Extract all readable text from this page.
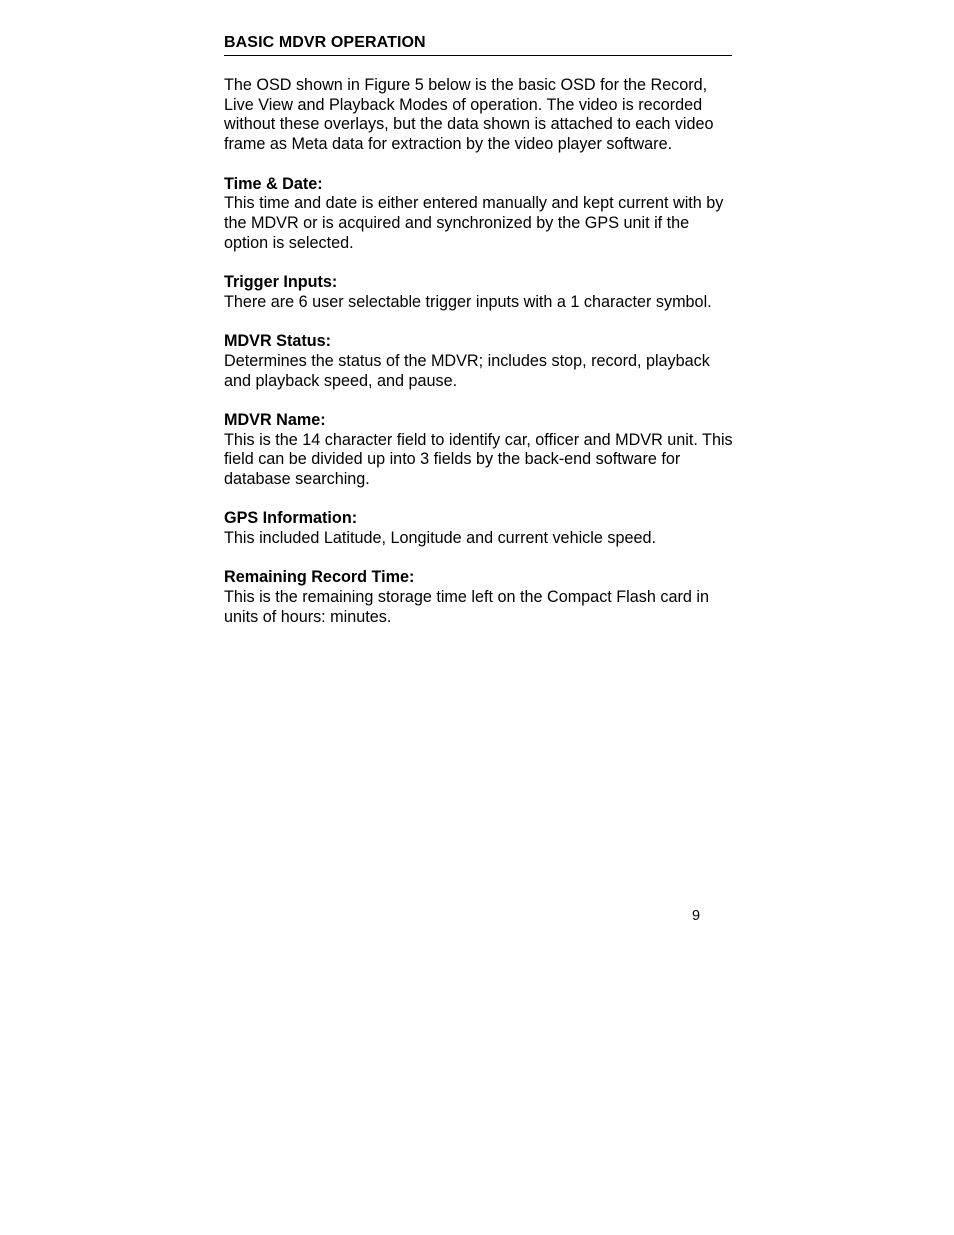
BASIC MDVR OPERATION

The OSD shown in Figure 5 below is the basic OSD for the Record, Live View and Playback Modes of operation. The video is recorded without these overlays, but the data shown is attached to each video frame as Meta data for extraction by the video player software.

Time & Date:
This time and date is either entered manually and kept current with by the MDVR or is acquired and synchronized by the GPS unit if the option is selected.
Trigger Inputs:
There are 6 user selectable trigger inputs with a 1 character symbol.
MDVR Status:
Determines the status of the MDVR; includes stop, record, playback and playback speed, and pause.
MDVR Name:
This is the 14 character field to identify car, officer and MDVR unit. This field can be divided up into 3 fields by the back-end software for database searching.
GPS Information:
This included Latitude, Longitude and current vehicle speed.
Remaining Record Time:
This is the remaining storage time left on the Compact Flash card in units of hours: minutes.
9
